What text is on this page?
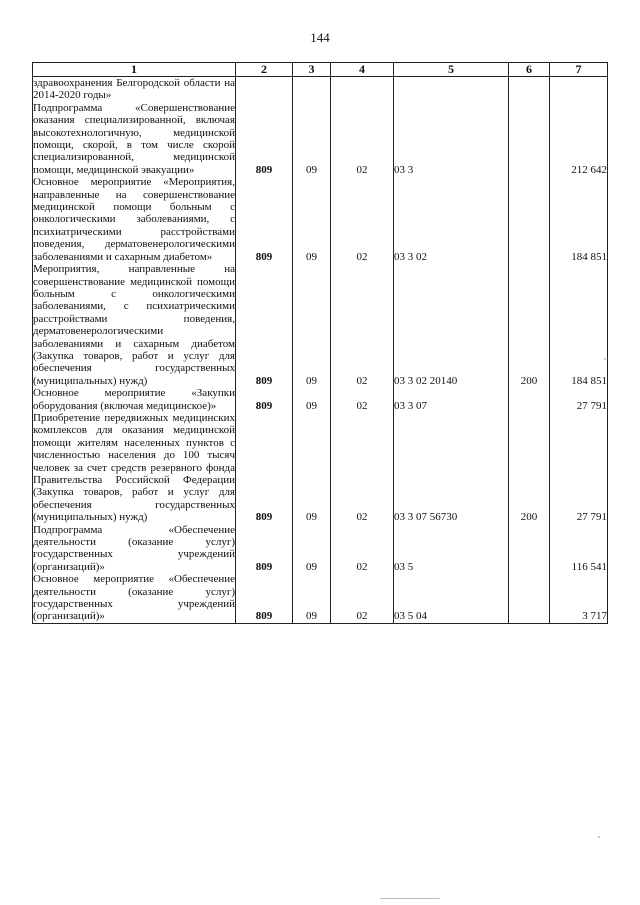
144
1	2	3	4	5	6	7

здравоохранения Белгородской области на 2014-2020 годы»
Подпрограмма «Совершенствование оказания специализированной, включая высокотехнологичную, медицинской помощи, скорой, в том числе скорой специализированной, медицинской помощи, медицинской эвакуации»	809	09	02	03 3		212 642

Основное мероприятие «Мероприятия, направленные на совершенствование медицинской помощи больным с онкологическими заболеваниями, с психиатрическими расстройствами поведения, дерматовенерологическими заболеваниями и сахарным диабетом»	809	09	02	03 3 02		184 851

Мероприятия, направленные на совершенствование медицинской помощи больным с онкологическими заболеваниями, с психиатрическими расстройствами поведения, дерматовенерологическими заболеваниями и сахарным диабетом (Закупка товаров, работ и услуг для обеспечения государственных (муниципальных) нужд)	809	09	02	03 3 02 20140	200	184 851

Основное мероприятие «Закупки оборудования (включая медицинское)»	809	09	02	03 3 07		27 791

Приобретение передвижных медицинских комплексов для оказания медицинской помощи жителям населенных пунктов с численностью населения до 100 тысяч человек за счет средств резервного фонда Правительства Российской Федерации (Закупка товаров, работ и услуг для обеспечения государственных (муниципальных) нужд)	809	09	02	03 3 07 56730	200	27 791

Подпрограмма «Обеспечение деятельности (оказание услуг) государственных учреждений (организаций)»	809	09	02	03 5		116 541

Основное мероприятие «Обеспечение деятельности (оказание услуг) государственных учреждений (организаций)»	809	09	02	03 5 04		3 717
